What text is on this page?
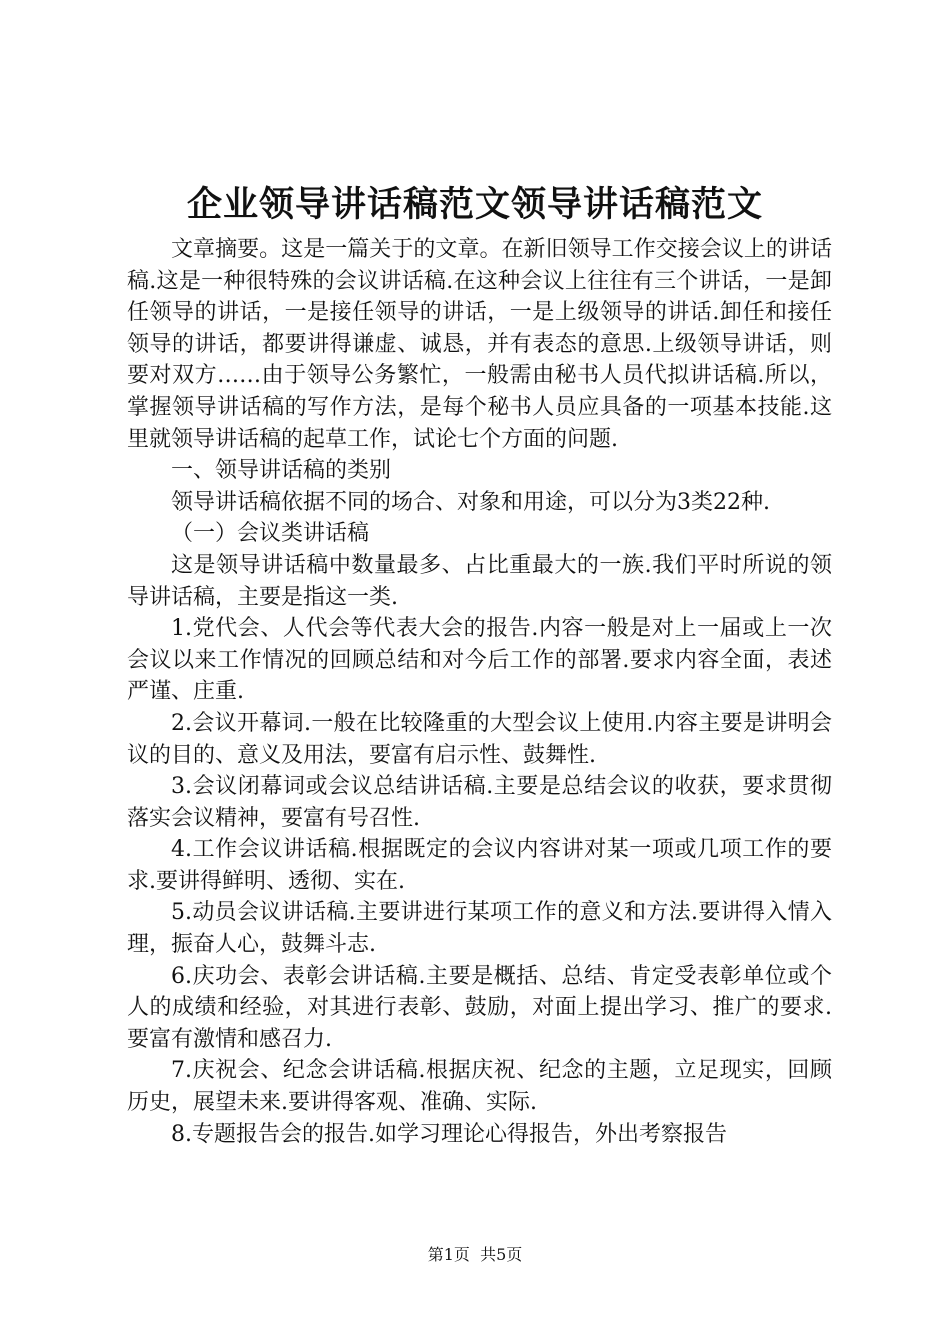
企业领导讲话稿范文领导讲话稿范文

文章摘要。这是一篇关于的文章。在新旧领导工作交接会议上的讲话稿.这是一种很特殊的会议讲话稿.在这种会议上往往有三个讲话，一是卸任领导的讲话，一是接任领导的讲话，一是上级领导的讲话.卸任和接任领导的讲话，都要讲得谦虚、诚恳，并有表态的意思.上级领导讲话，则要对双方……由于领导公务繁忙，一般需由秘书人员代拟讲话稿.所以，掌握领导讲话稿的写作方法，是每个秘书人员应具备的一项基本技能.这里就领导讲话稿的起草工作，试论七个方面的问题.

一、领导讲话稿的类别

领导讲话稿依据不同的场合、对象和用途，可以分为3类22种.

（一）会议类讲话稿

这是领导讲话稿中数量最多、占比重最大的一族.我们平时所说的领导讲话稿，主要是指这一类.

1.党代会、人代会等代表大会的报告.内容一般是对上一届或上一次会议以来工作情况的回顾总结和对今后工作的部署.要求内容全面，表述严谨、庄重.

2.会议开幕词.一般在比较隆重的大型会议上使用.内容主要是讲明会议的目的、意义及用法，要富有启示性、鼓舞性.

3.会议闭幕词或会议总结讲话稿.主要是总结会议的收获，要求贯彻落实会议精神，要富有号召性.

4.工作会议讲话稿.根据既定的会议内容讲对某一项或几项工作的要求.要讲得鲜明、透彻、实在.

5.动员会议讲话稿.主要讲进行某项工作的意义和方法.要讲得入情入理，振奋人心，鼓舞斗志.

6.庆功会、表彰会讲话稿.主要是概括、总结、肯定受表彰单位或个人的成绩和经验，对其进行表彰、鼓励，对面上提出学习、推广的要求.要富有激情和感召力.

7.庆祝会、纪念会讲话稿.根据庆祝、纪念的主题，立足现实，回顾历史，展望未来.要讲得客观、准确、实际.

8.专题报告会的报告.如学习理论心得报告，外出考察报告

第1页 共5页
